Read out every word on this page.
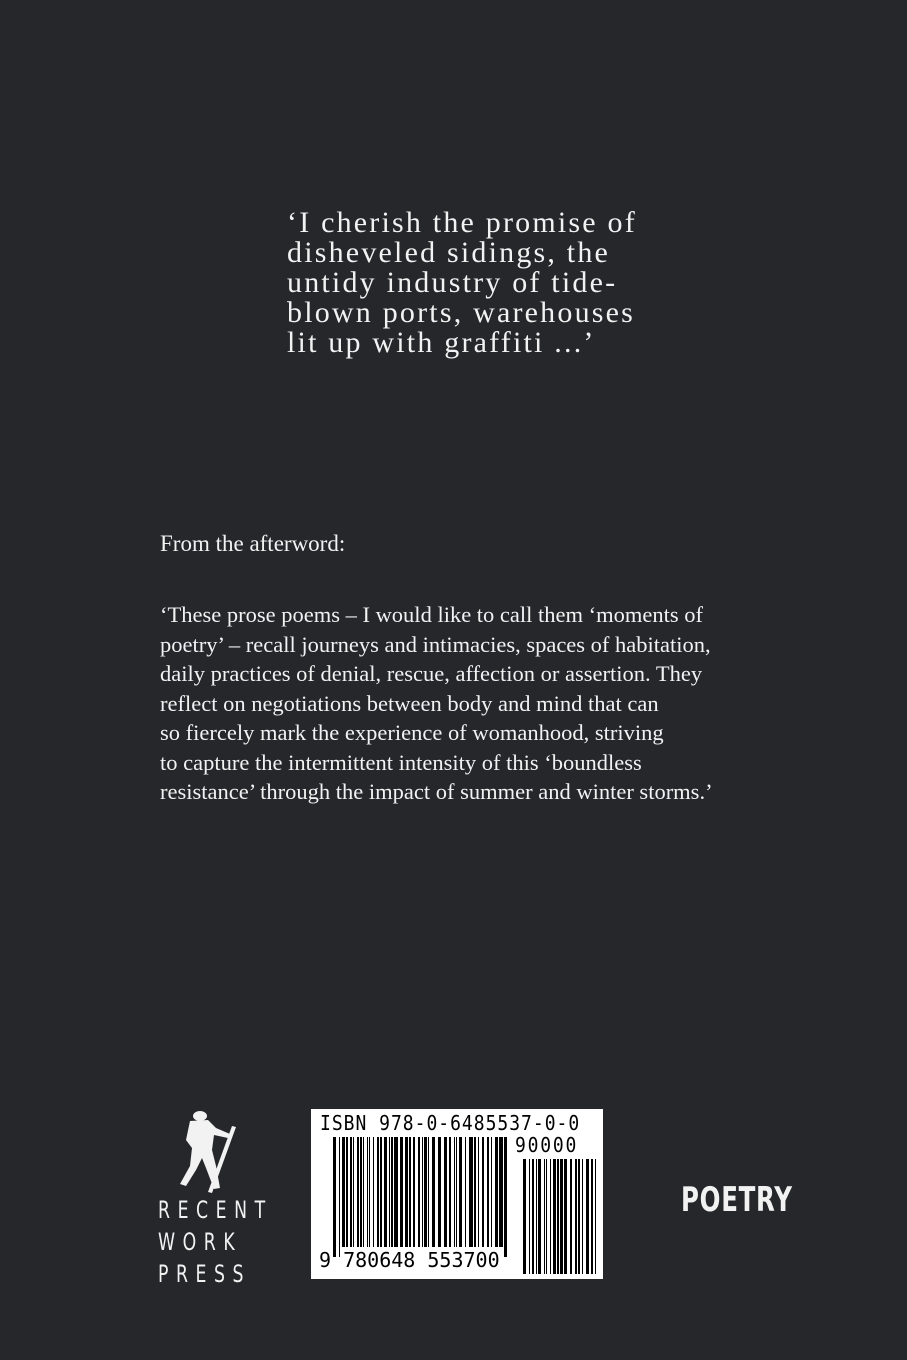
‘I cherish the promise of
disheveled sidings, the
untidy industry of tide-
blown ports, warehouses
lit up with graffiti ...’

From the afterword:

‘These prose poems – I would like to call them ‘moments of
poetry’ – recall journeys and intimacies, spaces of habitation,
daily practices of denial, rescue, affection or assertion. They
reflect on negotiations between body and mind that can
so fiercely mark the experience of womanhood, striving
to capture the intermittent intensity of this ‘boundless
resistance’ through the impact of summer and winter storms.’
RECENT
WORK
PRESS
ISBN 978-0-6485537-0-0
90000
9 780648 553700
POETRY
